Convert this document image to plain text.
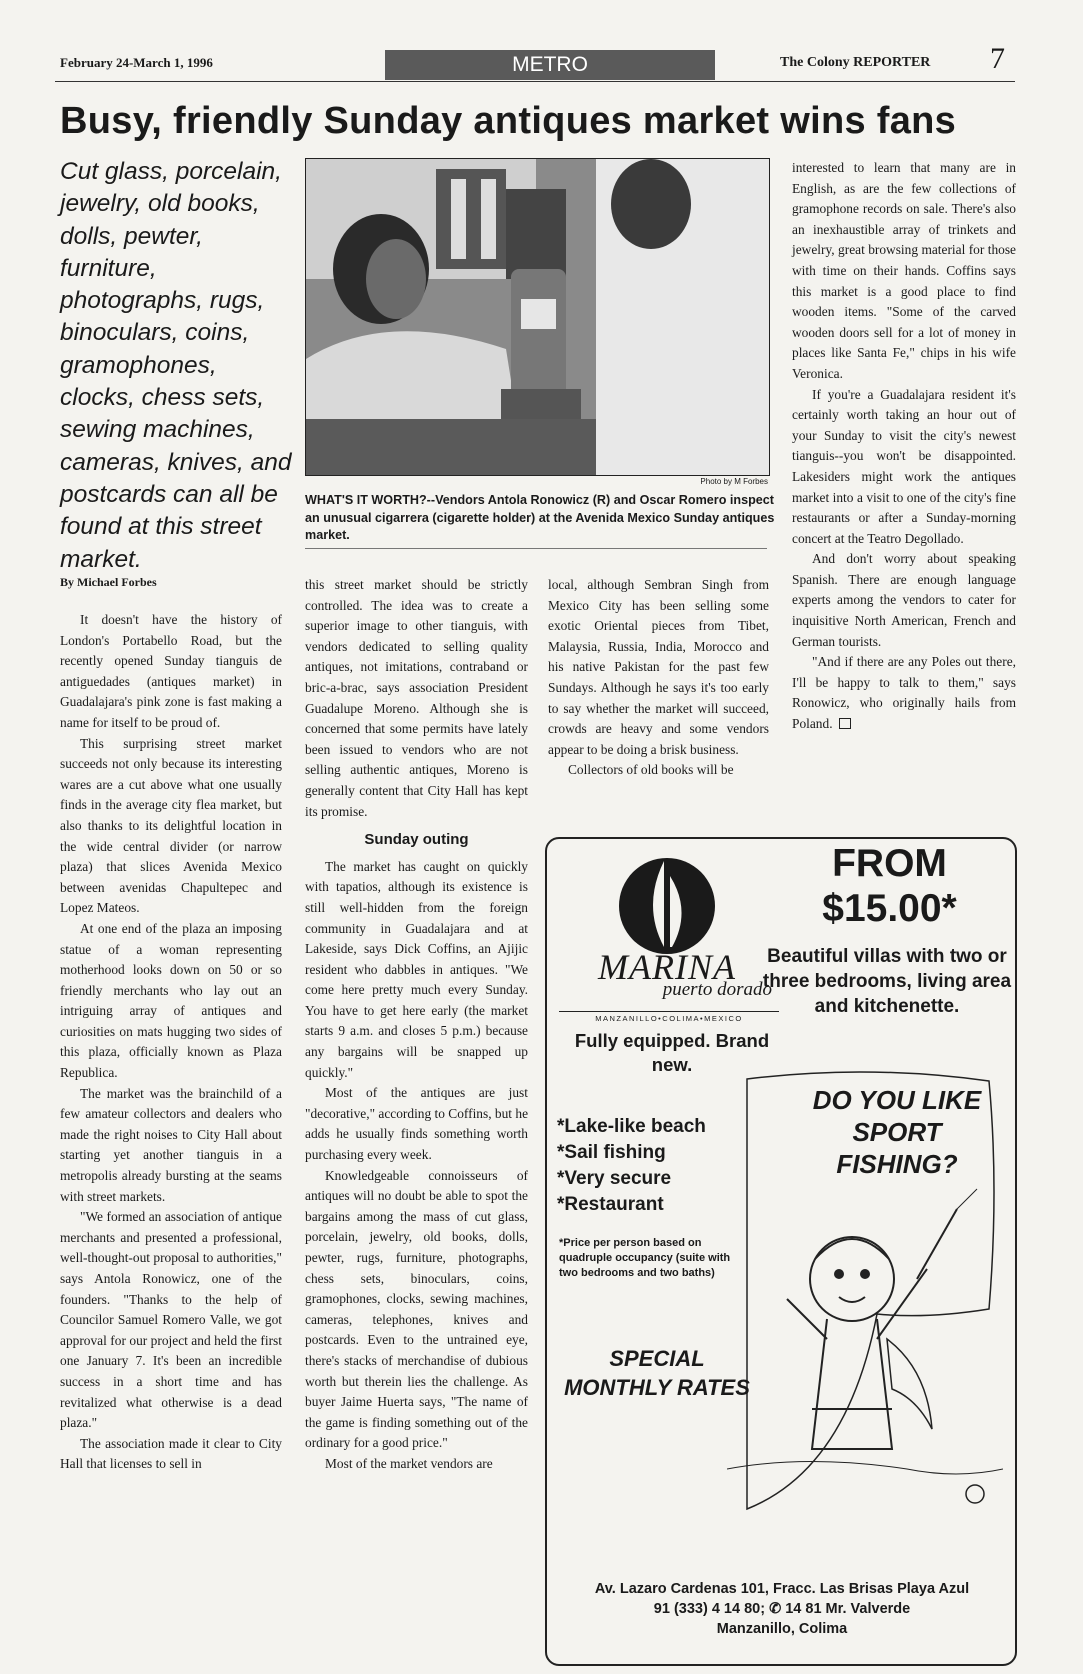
February 24-March 1, 1996	METRO	The Colony REPORTER 7
Busy, friendly Sunday antiques market wins fans
Cut glass, porcelain, jewelry, old books, dolls, pewter, furniture, photographs, rugs, binoculars, coins, gramophones, clocks, chess sets, sewing machines, cameras, knives, and postcards can all be found at this street market.
Photo by M Forbes
WHAT'S IT WORTH?--Vendors Antola Ronowicz (R) and Oscar Romero inspect an unusual cigarrera (cigarette holder) at the Avenida Mexico Sunday antiques market.
By Michael Forbes

It doesn't have the history of London's Portabello Road, but the recently opened Sunday tianguis de antiguedades (antiques market) in Guadalajara's pink zone is fast making a name for itself to be proud of.

This surprising street market succeeds not only because its interesting wares are a cut above what one usually finds in the average city flea market, but also thanks to its delightful location in the wide central divider (or narrow plaza) that slices Avenida Mexico between avenidas Chapultepec and Lopez Mateos.

At one end of the plaza an imposing statue of a woman representing motherhood looks down on 50 or so friendly merchants who lay out an intriguing array of antiques and curiosities on mats hugging two sides of this plaza, officially known as Plaza Republica.

The market was the brainchild of a few amateur collectors and dealers who made the right noises to City Hall about starting yet another tianguis in a metropolis already bursting at the seams with street markets.

"We formed an association of antique merchants and presented a professional, well-thought-out proposal to authorities," says Antola Ronowicz, one of the founders. "Thanks to the help of Councilor Samuel Romero Valle, we got approval for our project and held the first one January 7. It's been an incredible success in a short time and has revitalized what otherwise is a dead plaza."

The association made it clear to City Hall that licenses to sell in

this street market should be strictly controlled. The idea was to create a superior image to other tianguis, with vendors dedicated to selling quality antiques, not imitations, contraband or bric-a-brac, says association President Guadalupe Moreno. Although she is concerned that some permits have lately been issued to vendors who are not selling authentic antiques, Moreno is generally content that City Hall has kept its promise.

Sunday outing

The market has caught on quickly with tapatios, although its existence is still well-hidden from the foreign community in Guadalajara and at Lakeside, says Dick Coffins, an Ajijic resident who dabbles in antiques. "We come here pretty much every Sunday. You have to get here early (the market starts 9 a.m. and closes 5 p.m.) because any bargains will be snapped up quickly."

Most of the antiques are just "decorative," according to Coffins, but he adds he usually finds something worth purchasing every week.

Knowledgeable connoisseurs of antiques will no doubt be able to spot the bargains among the mass of cut glass, porcelain, jewelry, old books, dolls, pewter, rugs, furniture, photographs, chess sets, binoculars, coins, gramophones, clocks, sewing machines, cameras, telephones, knives and postcards. Even to the untrained eye, there's stacks of merchandise of dubious worth but therein lies the challenge. As buyer Jaime Huerta says, "The name of the game is finding something out of the ordinary for a good price."

Most of the market vendors are

local, although Sembran Singh from Mexico City has been selling some exotic Oriental pieces from Tibet, Malaysia, Russia, India, Morocco and his native Pakistan for the past few Sundays. Although he says it's too early to say whether the market will succeed, crowds are heavy and some vendors appear to be doing a brisk business.

Collectors of old books will be

interested to learn that many are in English, as are the few collections of gramophone records on sale. There's also an inexhaustible array of trinkets and jewelry, great browsing material for those with time on their hands. Coffins says this market is a good place to find wooden items. "Some of the carved wooden doors sell for a lot of money in places like Santa Fe," chips in his wife Veronica.

If you're a Guadalajara resident it's certainly worth taking an hour out of your Sunday to visit the city's newest tianguis--you won't be disappointed. Lakesiders might work the antiques market into a visit to one of the city's fine restaurants or after a Sunday-morning concert at the Teatro Degollado.

And don't worry about speaking Spanish. There are enough language experts among the vendors to cater for inquisitive North American, French and German tourists.

"And if there are any Poles out there, I'll be happy to talk to them," says Ronowicz, who originally hails from Poland.

FROM
$15.00*
Beautiful villas with two or three bedrooms, living area and kitchenette.
MARINA
puerto dorado
MANZANILLO•COLIMA•MEXICO
Fully equipped. Brand new.
DO YOU LIKE SPORT FISHING?
*Lake-like beach
*Sail fishing
*Very secure
*Restaurant
*Price per person based on quadruple occupancy (suite with two bedrooms and two baths)
SPECIAL MONTHLY RATES
Av. Lazaro Cardenas 101, Fracc. Las Brisas Playa Azul
91 (333) 4 14 80; ✆ 14 81 Mr. Valverde
Manzanillo, Colima
